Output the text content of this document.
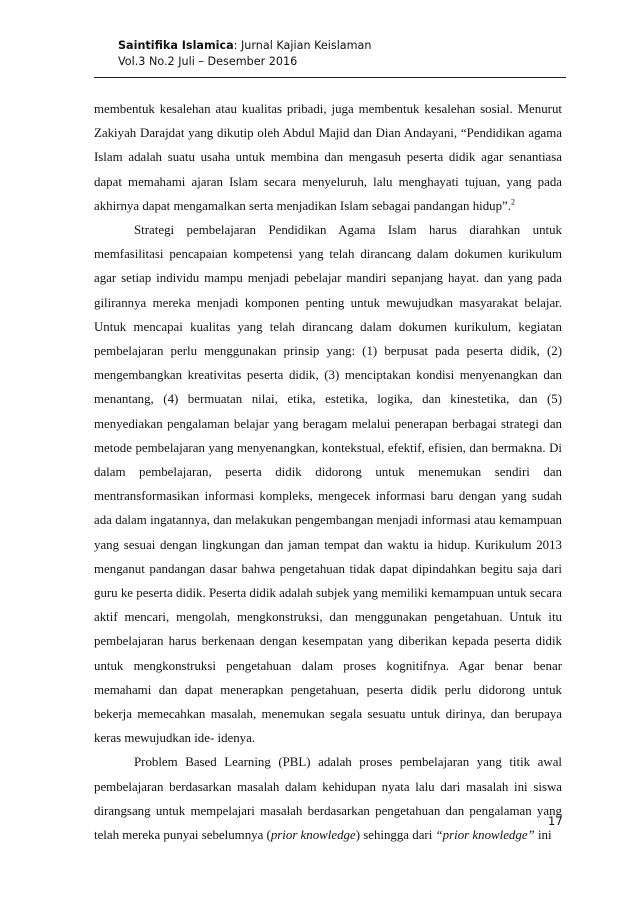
Saintifika Islamica: Jurnal Kajian Keislaman
Vol.3 No.2 Juli – Desember 2016

membentuk kesalehan atau kualitas pribadi, juga membentuk kesalehan sosial. Menurut Zakiyah Darajdat yang dikutip oleh Abdul Majid dan Dian Andayani, “Pendidikan agama Islam adalah suatu usaha untuk membina dan mengasuh peserta didik agar senantiasa dapat memahami ajaran Islam secara menyeluruh, lalu menghayati tujuan, yang pada akhirnya dapat mengamalkan serta menjadikan Islam sebagai pandangan hidup”.$^2$

Strategi pembelajaran Pendidikan Agama Islam harus diarahkan untuk memfasilitasi pencapaian kompetensi yang telah dirancang dalam dokumen kurikulum agar setiap individu mampu menjadi pebelajar mandiri sepanjang hayat. dan yang pada gilirannya mereka menjadi komponen penting untuk mewujudkan masyarakat belajar. Untuk mencapai kualitas yang telah dirancang dalam dokumen kurikulum, kegiatan pembelajaran perlu menggunakan prinsip yang: (1) berpusat pada peserta didik, (2) mengembangkan kreativitas peserta didik, (3) menciptakan kondisi menyenangkan dan menantang, (4) bermuatan nilai, etika, estetika, logika, dan kinestetika, dan (5) menyediakan pengalaman belajar yang beragam melalui penerapan berbagai strategi dan metode pembelajaran yang menyenangkan, kontekstual, efektif, efisien, dan bermakna. Di dalam pembelajaran, peserta didik didorong untuk menemukan sendiri dan mentransformasikan informasi kompleks, mengecek informasi baru dengan yang sudah ada dalam ingatannya, dan melakukan pengembangan menjadi informasi atau kemampuan yang sesuai dengan lingkungan dan jaman tempat dan waktu ia hidup. Kurikulum 2013 menganut pandangan dasar bahwa pengetahuan tidak dapat dipindahkan begitu saja dari guru ke peserta didik. Peserta didik adalah subjek yang memiliki kemampuan untuk secara aktif mencari, mengolah, mengkonstruksi, dan menggunakan pengetahuan. Untuk itu pembelajaran harus berkenaan dengan kesempatan yang diberikan kepada peserta didik untuk mengkonstruksi pengetahuan dalam proses kognitifnya. Agar benar benar memahami dan dapat menerapkan pengetahuan, peserta didik perlu didorong untuk bekerja memecahkan masalah, menemukan segala sesuatu untuk dirinya, dan berupaya keras mewujudkan ide- idenya.

Problem Based Learning (PBL) adalah proses pembelajaran yang titik awal pembelajaran berdasarkan masalah dalam kehidupan nyata lalu dari masalah ini siswa dirangsang untuk mempelajari masalah berdasarkan pengetahuan dan pengalaman yang telah mereka punyai sebelumnya (prior knowledge) sehingga dari “prior knowledge” ini

17
